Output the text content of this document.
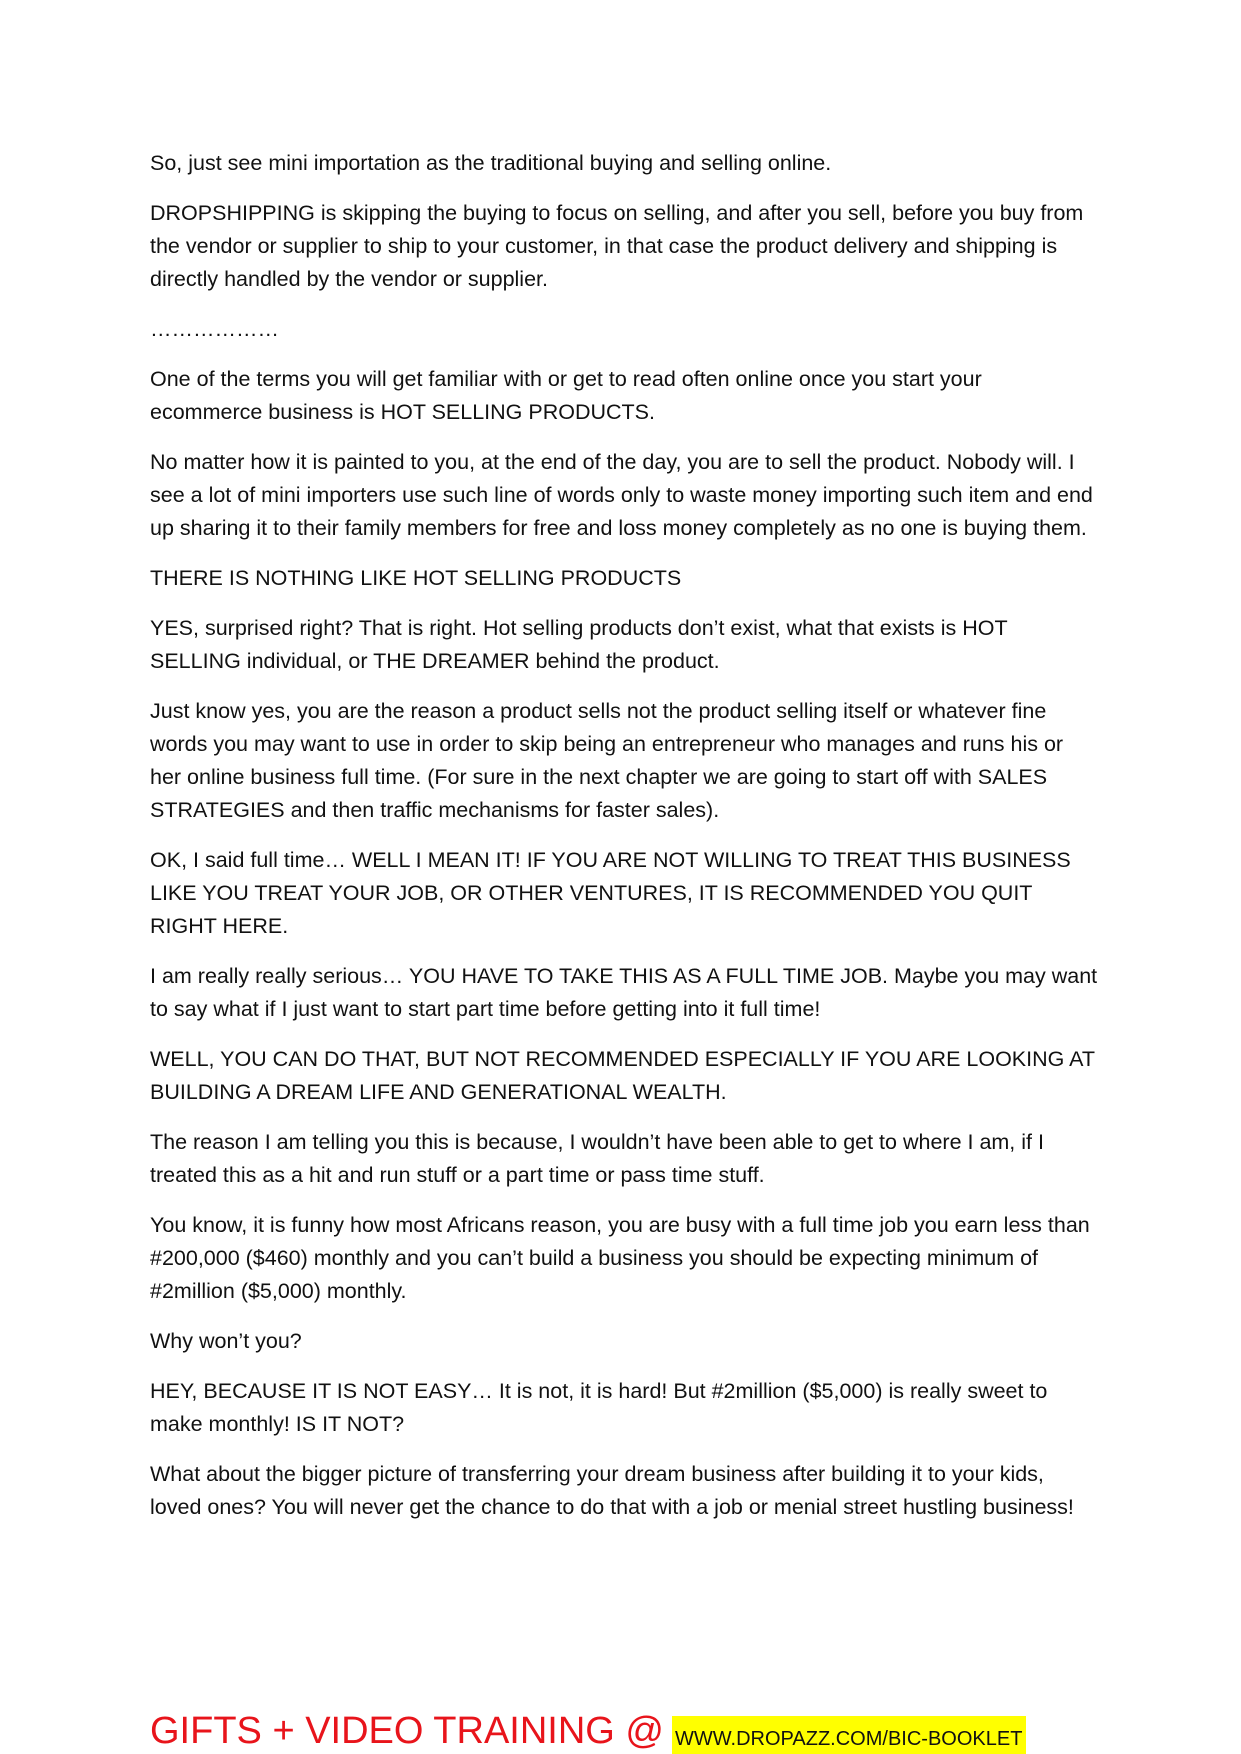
So, just see mini importation as the traditional buying and selling online.

DROPSHIPPING is skipping the buying to focus on selling, and after you sell, before you buy from the vendor or supplier to ship to your customer, in that case the product delivery and shipping is directly handled by the vendor or supplier.

………………

One of the terms you will get familiar with or get to read often online once you start your ecommerce business is HOT SELLING PRODUCTS.

No matter how it is painted to you, at the end of the day, you are to sell the product. Nobody will. I see a lot of mini importers use such line of words only to waste money importing such item and end up sharing it to their family members for free and loss money completely as no one is buying them.

THERE IS NOTHING LIKE HOT SELLING PRODUCTS

YES, surprised right? That is right. Hot selling products don’t exist, what that exists is HOT SELLING individual, or THE DREAMER behind the product.

Just know yes, you are the reason a product sells not the product selling itself or whatever fine words you may want to use in order to skip being an entrepreneur who manages and runs his or her online business full time. (For sure in the next chapter we are going to start off with SALES STRATEGIES and then traffic mechanisms for faster sales).

OK, I said full time… WELL I MEAN IT! IF YOU ARE NOT WILLING TO TREAT THIS BUSINESS LIKE YOU TREAT YOUR JOB, OR OTHER VENTURES, IT IS RECOMMENDED YOU QUIT RIGHT HERE.

I am really really serious… YOU HAVE TO TAKE THIS AS A FULL TIME JOB. Maybe you may want to say what if I just want to start part time before getting into it full time!

WELL, YOU CAN DO THAT, BUT NOT RECOMMENDED ESPECIALLY IF YOU ARE LOOKING AT BUILDING A DREAM LIFE AND GENERATIONAL WEALTH.

The reason I am telling you this is because, I wouldn’t have been able to get to where I am, if I treated this as a hit and run stuff or a part time or pass time stuff.

You know, it is funny how most Africans reason, you are busy with a full time job you earn less than #200,000 ($460) monthly and you can’t build a business you should be expecting minimum of #2million ($5,000) monthly.

Why won’t you?

HEY, BECAUSE IT IS NOT EASY… It is not, it is hard! But #2million ($5,000) is really sweet to make monthly! IS IT NOT?

What about the bigger picture of transferring your dream business after building it to your kids, loved ones? You will never get the chance to do that with a job or menial street hustling business!

GIFTS + VIDEO TRAINING @ WWW.DROPAZZ.COM/BIC-BOOKLET
